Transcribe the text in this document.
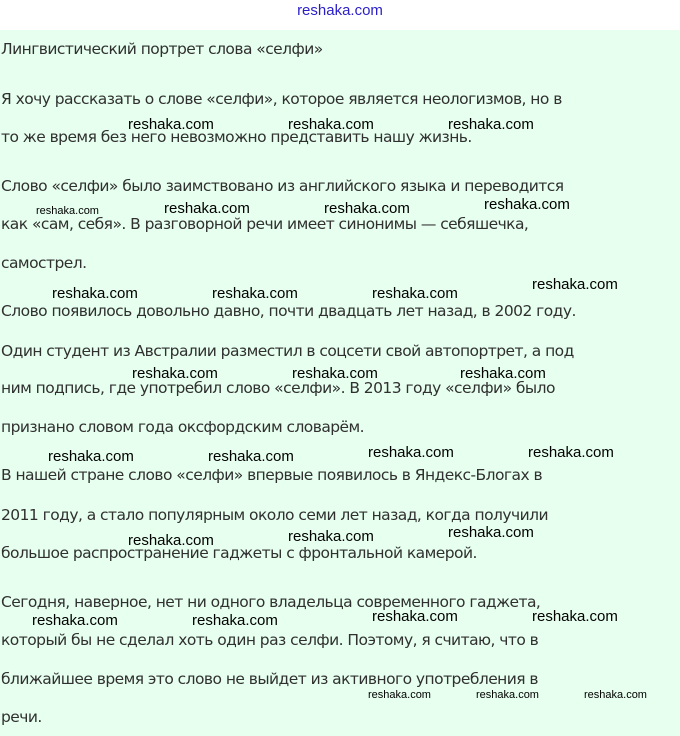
reshaka.com
Лингвистический портрет слова «селфи»
Я хочу рассказать о слове «селфи», которое является неологизмов, но в
то же время без него невозможно представить нашу жизнь.
Слово «селфи» было заимствовано из английского языка и переводится
как «сам, себя». В разговорной речи имеет синонимы — себяшечка,
самострел.
Слово появилось довольно давно, почти двадцать лет назад, в 2002 году.
Один студент из Австралии разместил в соцсети свой автопортрет, а под
ним подпись, где употребил слово «селфи». В 2013 году «селфи» было
признано словом года оксфордским словарём.
В нашей стране слово «селфи» впервые появилось в Яндекс-Блогах в
2011 году, а стало популярным около семи лет назад, когда получили
большое распространение гаджеты с фронтальной камерой.
Сегодня, наверное, нет ни одного владельца современного гаджета,
который бы не сделал хоть один раз селфи. Поэтому, я считаю, что в
ближайшее время это слово не выйдет из активного употребления в
речи.
reshaka.com	reshaka.com	reshaka.com
reshaka.com	reshaka.com	reshaka.com	reshaka.com
reshaka.com
reshaka.com	reshaka.com	reshaka.com
reshaka.com	reshaka.com	reshaka.com
reshaka.com	reshaka.com
reshaka.com	reshaka.com
reshaka.com
reshaka.com
reshaka.com
reshaka.com	reshaka.com
reshaka.com	reshaka.com
reshaka.com	reshaka.com	reshaka.com
